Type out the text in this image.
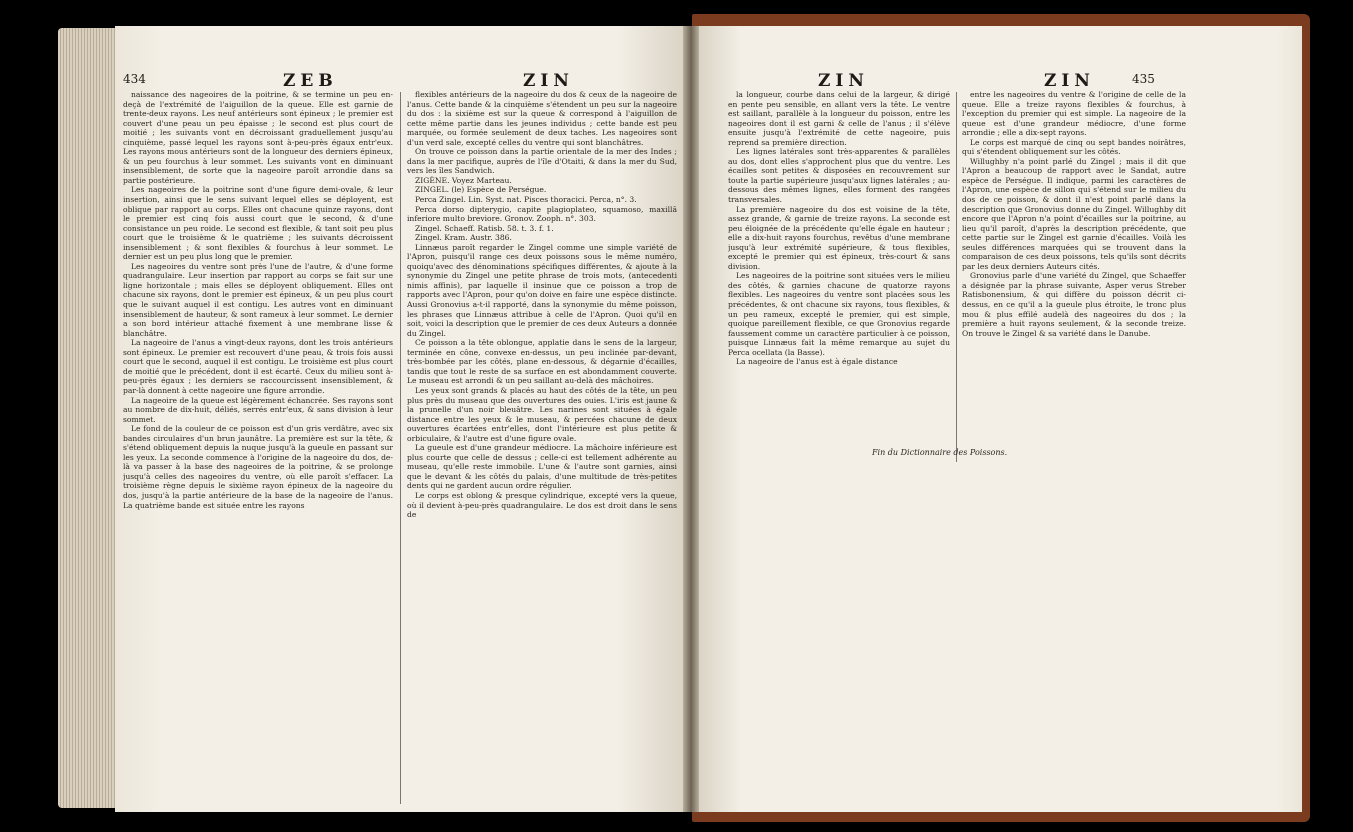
434	ZEB	ZIN

naissance des nageoires de la poitrine, & se termine un peu en-deçà de l'extrémité de l'aiguillon de la queue. Elle est garnie de trente-deux rayons. Les neuf antérieurs sont épineux ; le premier est couvert d'une peau un peu épaisse ; le second est plus court de moitié ; les suivants vont en décroissant graduellement jusqu'au cinquième, passé lequel les rayons sont à-peu-près égaux entr'eux. Les rayons mous antérieurs sont de la longueur des derniers épineux, & un peu fourchus à leur sommet. Les suivants vont en diminuant insensiblement, de sorte que la nageoire paroît arrondie dans sa partie postérieure.

Les nageoires de la poitrine sont d'une figure demi-ovale, & leur insertion, ainsi que le sens suivant lequel elles se déployent, est oblique par rapport au corps. Elles ont chacune quinze rayons, dont le premier est cinq fois aussi court que le second, & d'une consistance un peu roide. Le second est flexible, & tant soit peu plus court que le troisième & le quatrième ; les suivants décroissent insensiblement ; & sont flexibles & fourchus à leur sommet. Le dernier est un peu plus long que le premier.

Les nageoires du ventre sont près l'une de l'autre, & d'une forme quadrangulaire. Leur insertion par rapport au corps se fait sur une ligne horizontale ; mais elles se déployent obliquement. Elles ont chacune six rayons, dont le premier est épineux, & un peu plus court que le suivant auquel il est contigu. Les autres vont en diminuant insensiblement de hauteur, & sont rameux à leur sommet. Le dernier a son bord intérieur attaché fixement à une membrane lisse & blanchâtre.

La nageoire de l'anus a vingt-deux rayons, dont les trois antérieurs sont épineux. Le premier est recouvert d'une peau, & trois fois aussi court que le second, auquel il est contigu. Le troisième est plus court de moitié que le précédent, dont il est écarté. Ceux du milieu sont à-peu-près égaux ; les derniers se raccourcissent insensiblement, & par-là donnent à cette nageoire une figure arrondie.

La nageoire de la queue est légèrement échancrée. Ses rayons sont au nombre de dix-huit, déliés, serrés entr'eux, & sans division à leur sommet.

Le fond de la couleur de ce poisson est d'un gris verdâtre, avec six bandes circulaires d'un brun jaunâtre. La première est sur la tête, & s'étend obliquement depuis la nuque jusqu'à la gueule en passant sur les yeux. La seconde commence à l'origine de la nageoire du dos, de-là va passer à la base des nageoires de la poitrine, & se prolonge jusqu'à celles des nageoires du ventre, où elle paroît s'effacer. La troisième règne depuis le sixième rayon épineux de la nageoire du dos, jusqu'à la partie antérieure de la base de la nageoire de l'anus. La quatrième bande est située entre les rayons

flexibles antérieurs de la nageoire du dos & ceux de la nageoire de l'anus. Cette bande & la cinquième s'étendent un peu sur la nageoire du dos : la sixième est sur la queue & correspond à l'aiguillon de cette même partie dans les jeunes individus ; cette bande est peu marquée, ou formée seulement de deux taches. Les nageoires sont d'un verd sale, excepté celles du ventre qui sont blanchâtres.

On trouve ce poisson dans la partie orientale de la mer des Indes ; dans la mer pacifique, auprès de l'île d'Otaiti, & dans la mer du Sud, vers les îles Sandwich.

ZIGÈNE. Voyez Marteau.

ZINGEL. (le) Espèce de Perségue.

Perca Zingel. Lin. Syst. nat. Pisces thoracici. Perca, n°. 3.

Perca dorso dipterygio, capite plagioplateo, squamoso, maxillâ inferiore multo breviore. Gronov. Zooph. n°. 303.

Zingel. Schaeff. Ratisb. 58. t. 3. f. 1.

Zingel. Kram. Austr. 386.

Linnæus paroît regarder le Zingel comme une simple variété de l'Apron, puisqu'il range ces deux poissons sous le même numéro, quoiqu'avec des dénominations spécifiques différentes, & ajoute à la synonymie du Zingel une petite phrase de trois mots, (antecedenti nimis affinis), par laquelle il insinue que ce poisson a trop de rapports avec l'Apron, pour qu'on doive en faire une espèce distincte. Aussi Gronovius a-t-il rapporté, dans la synonymie du même poisson, les phrases que Linnæus attribue à celle de l'Apron. Quoi qu'il en soit, voici la description que le premier de ces deux Auteurs a donnée du Zingel.

Ce poisson a la tête oblongue, applatie dans le sens de la largeur, terminée en cône, convexe en-dessus, un peu inclinée par-devant, très-bombée par les côtés, plane en-dessous, & dégarnie d'écailles, tandis que tout le reste de sa surface en est abondamment couverte. Le museau est arrondi & un peu saillant au-delà des mâchoires.

Les yeux sont grands & placés au haut des côtés de la tête, un peu plus près du museau que des ouvertures des ouies. L'iris est jaune & la prunelle d'un noir bleuâtre. Les narines sont situées à égale distance entre les yeux & le museau, & percées chacune de deux ouvertures écartées entr'elles, dont l'intérieure est plus petite & orbiculaire, & l'autre est d'une figure ovale.

La gueule est d'une grandeur médiocre. La mâchoire inférieure est plus courte que celle de dessus ; celle-ci est tellement adhérente au museau, qu'elle reste immobile. L'une & l'autre sont garnies, ainsi que le devant & les côtés du palais, d'une multitude de très-petites dents qui ne gardent aucun ordre régulier.

Le corps est oblong & presque cylindrique, excepté vers la queue, où il devient à-peu-près quadrangulaire. Le dos est droit dans le sens de

ZIN	ZIN	435

la longueur, courbe dans celui de la largeur, & dirigé en pente peu sensible, en allant vers la tête. Le ventre est saillant, parallèle à la longueur du poisson, entre les nageoires dont il est garni & celle de l'anus ; il s'élève ensuite jusqu'à l'extrémité de cette nageoire, puis reprend sa première direction.

Les lignes latérales sont très-apparentes & parallèles au dos, dont elles s'approchent plus que du ventre. Les écailles sont petites & disposées en recouvrement sur toute la partie supérieure jusqu'aux lignes latérales ; au-dessous des mêmes lignes, elles forment des rangées transversales.

La première nageoire du dos est voisine de la tête, assez grande, & garnie de treize rayons. La seconde est peu éloignée de la précédente qu'elle égale en hauteur ; elle a dix-huit rayons fourchus, revêtus d'une membrane jusqu'à leur extrémité supérieure, & tous flexibles, excepté le premier qui est épineux, très-court & sans division.

Les nageoires de la poitrine sont situées vers le milieu des côtés, & garnies chacune de quatorze rayons flexibles. Les nageoires du ventre sont placées sous les précédentes, & ont chacune six rayons, tous flexibles, & un peu rameux, excepté le premier, qui est simple, quoique pareillement flexible, ce que Gronovius regarde faussement comme un caractère particulier à ce poisson, puisque Linnæus fait la même remarque au sujet du Perca ocellata (la Basse).

La nageoire de l'anus est à égale distance

entre les nageoires du ventre & l'origine de celle de la queue. Elle a treize rayons flexibles & fourchus, à l'exception du premier qui est simple. La nageoire de la queue est d'une grandeur médiocre, d'une forme arrondie ; elle a dix-sept rayons.

Le corps est marqué de cinq ou sept bandes noirâtres, qui s'étendent obliquement sur les côtés.

Willughby n'a point parlé du Zingel ; mais il dit que l'Apron a beaucoup de rapport avec le Sandat, autre espèce de Perségue. Il indique, parmi les caractères de l'Apron, une espèce de sillon qui s'étend sur le milieu du dos de ce poisson, & dont il n'est point parlé dans la description que Gronovius donne du Zingel. Willughby dit encore que l'Apron n'a point d'écailles sur la poitrine, au lieu qu'il paroît, d'après la description précédente, que cette partie sur le Zingel est garnie d'écailles. Voilà les seules différences marquées qui se trouvent dans la comparaison de ces deux poissons, tels qu'ils sont décrits par les deux derniers Auteurs cités.

Gronovius parle d'une variété du Zingel, que Schaeffer a désignée par la phrase suivante, Asper verus Streber Ratisbonensium, & qui diffère du poisson décrit ci-dessus, en ce qu'il a la gueule plus étroite, le tronc plus mou & plus effilé audelà des nageoires du dos ; la première a huit rayons seulement, & la seconde treize. On trouve le Zingel & sa variété dans le Danube.

Fin du Dictionnaire des Poissons.
